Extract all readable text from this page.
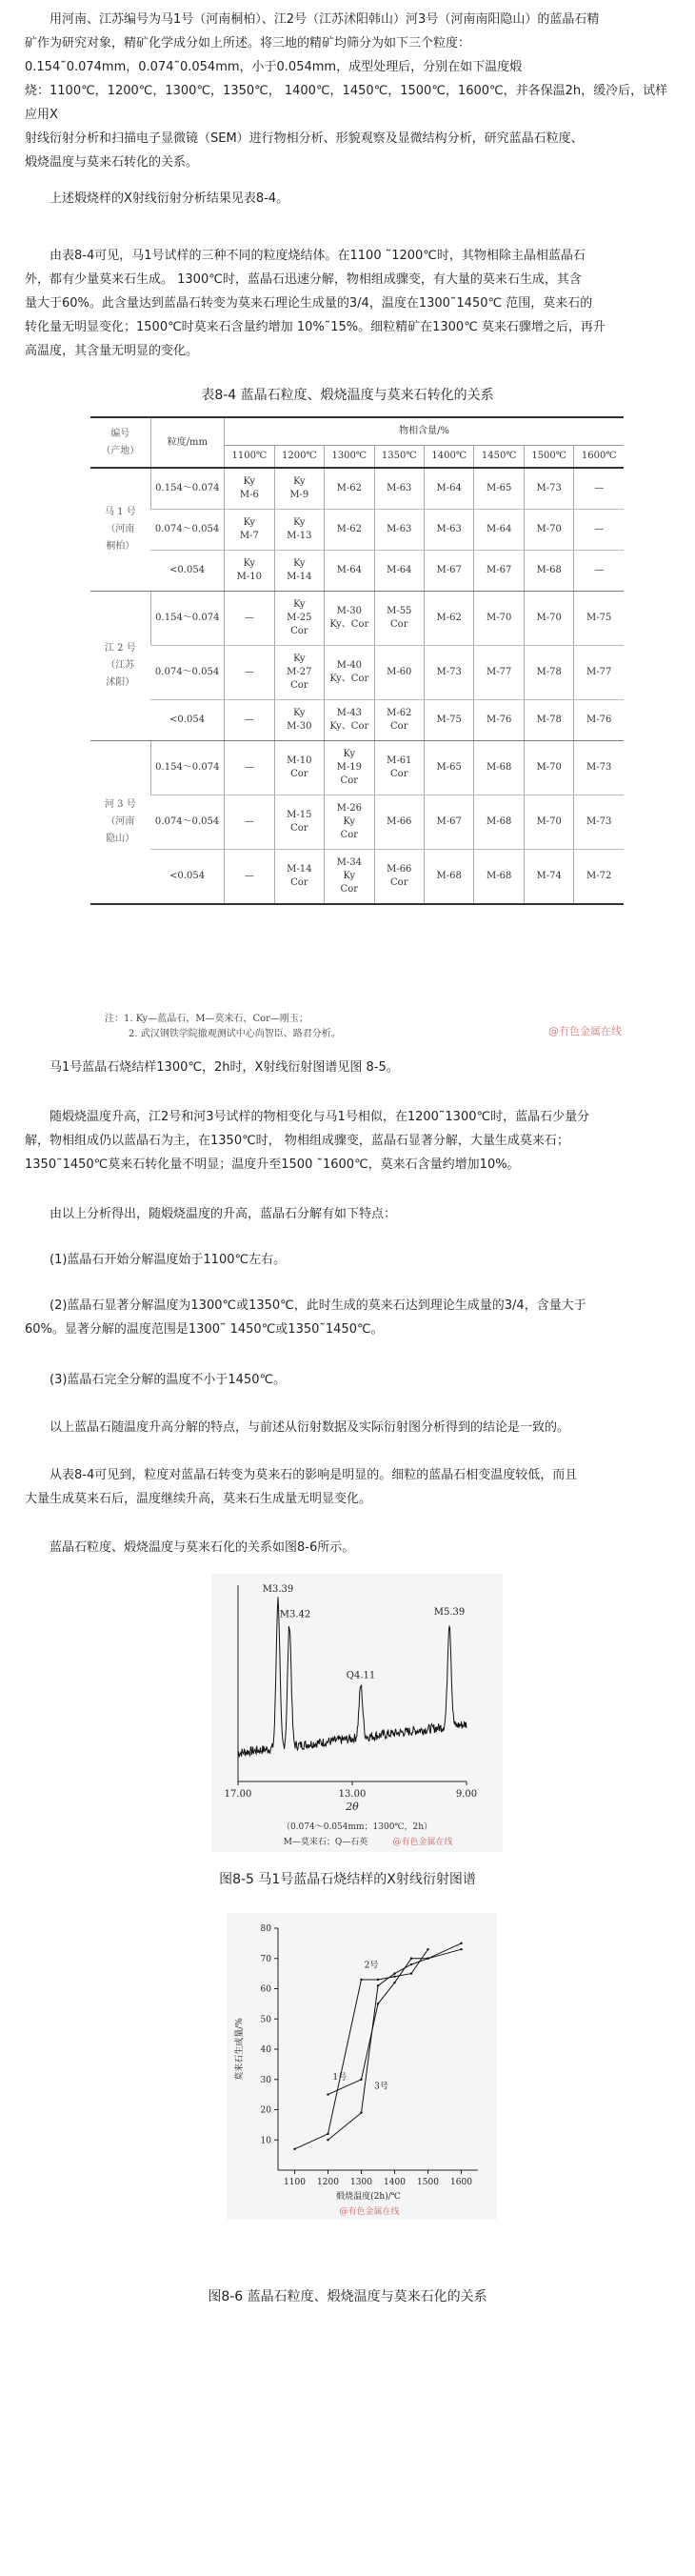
用河南、江苏编号为马1号（河南桐柏）、江2号（江苏沭阳韩山）河3号（河南南阳隐山）的蓝晶石精
矿作为研究对象，精矿化学成分如上所述。将三地的精矿均筛分为如下三个粒度：
0.154˜0.074mm，0.074˜0.054mm，小于0.054mm，成型处理后，分别在如下温度煅
烧：1100℃，1200℃，1300℃，1350℃， 1400℃，1450℃，1500℃，1600℃，并各保温2h，缓冷后，试样应用X
射线衍射分析和扫描电子显微镜（SEM）进行物相分析、形貌观察及显微结构分析，研究蓝晶石粒度、
煅烧温度与莫来石转化的关系。
上述煅烧样的X射线衍射分析结果见表8-4。
由表8-4可见，马1号试样的三种不同的粒度烧结体。在1100 ˜1200℃时，其物相除主晶相蓝晶石
外，都有少量莫来石生成。 1300℃时，蓝晶石迅速分解，物相组成骤变，有大量的莫来石生成，其含
量大于60%。此含量达到蓝晶石转变为莫来石理论生成量的3/4，温度在1300˜1450℃ 范围，莫来石的
转化量无明显变化；1500℃时莫来石含量约增加 10%˜15%。细粒精矿在1300℃ 莫来石骤增之后，再升
高温度，其含量无明显的变化。
表8-4 蓝晶石粒度、煅烧温度与莫来石转化的关系
编号
（产地）	粒度/mm	物相含量/%							
		1100℃	1200℃	1300℃	1350℃	1400℃	1450℃	1500℃	1600℃
马 1 号
（河南
桐柏）	0.154～0.074	Ky
M-6	Ky
M-9	M-62	M-63	M-64	M-65	M-73	—
	0.074～0.054	Ky
M-7	Ky
M-13	M-62	M-63	M-63	M-64	M-70	—
	<0.054	Ky
M-10	Ky
M-14	M-64	M-64	M-67	M-67	M-68	—
江 2 号
（江苏
沭阳）	0.154～0.074	—	Ky
M-25
Cor	M-30
Ky、Cor	M-55
Cor	M-62	M-70	M-70	M-75
	0.074～0.054	—	Ky
M-27
Cor	M-40
Ky、Cor	M-60	M-73	M-77	M-78	M-77
	<0.054	—	Ky
M-30	M-43
Ky、Cor	M-62
Cor	M-75	M-76	M-78	M-76
河 3 号
（河南
隐山）	0.154～0.074	—	M-10
Cor	Ky
M-19
Cor	M-61
Cor	M-65	M-68	M-70	M-73
	0.074～0.054	—	M-15
Cor	M-26
Ky
Cor	M-66	M-67	M-68	M-70	M-73
	<0.054	—	M-14
Cor	M-34
Ky
Cor	M-66
Cor	M-68	M-68	M-74	M-72
注：1. Ky—蓝晶石，M—莫来石，Cor—刚玉；
2. 武汉钢铁学院撤观测试中心尚智臣、路君分析。	@有色金属在线
马1号蓝晶石烧结样1300℃，2h时，X射线衍射图谱见图 8-5。
随煅烧温度升高，江2号和河3号试样的物相变化与马1号相似，在1200˜1300℃时，蓝晶石少量分
解，物相组成仍以蓝晶石为主，在1350℃时， 物相组成骤变，蓝晶石显著分解，大量生成莫来石；
1350˜1450℃莫来石转化量不明显；温度升至1500 ˜1600℃，莫来石含量约增加10%。
由以上分析得出，随煅烧温度的升高，蓝晶石分解有如下特点：
(1)蓝晶石开始分解温度始于1100℃左右。
(2)蓝晶石显著分解温度为1300℃或1350℃，此时生成的莫来石达到理论生成量的3/4，含量大于
60%。显著分解的温度范围是1300˜ 1450℃或1350˜1450℃。
(3)蓝晶石完全分解的温度不小于1450℃。
以上蓝晶石随温度升高分解的特点，与前述从衍射数据及实际衍射图分析得到的结论是一致的。
从表8-4可见到，粒度对蓝晶石转变为莫来石的影响是明显的。细粒的蓝晶石相变温度较低，而且
大量生成莫来石后，温度继续升高，莫来石生成量无明显变化。
蓝晶石粒度、煅烧温度与莫来石化的关系如图8-6所示。
17.00	13.00	9.00
2θ
M3.39
M3.42
Q4.11
M5.39
（0.074～0.054mm；1300℃，2h）
M—莫来石；Q—石英	@有色金属在线
图8-5 马1号蓝晶石烧结样的X射线衍射图谱
1100 1200 1300 1400 1500 1600
10
20
30
40
50
60
70
80
煅烧温度(2h)/℃
莫来石生成量/%	1号
2号
3号
@有色金属在线
图8-6 蓝晶石粒度、煅烧温度与莫来石化的关系
